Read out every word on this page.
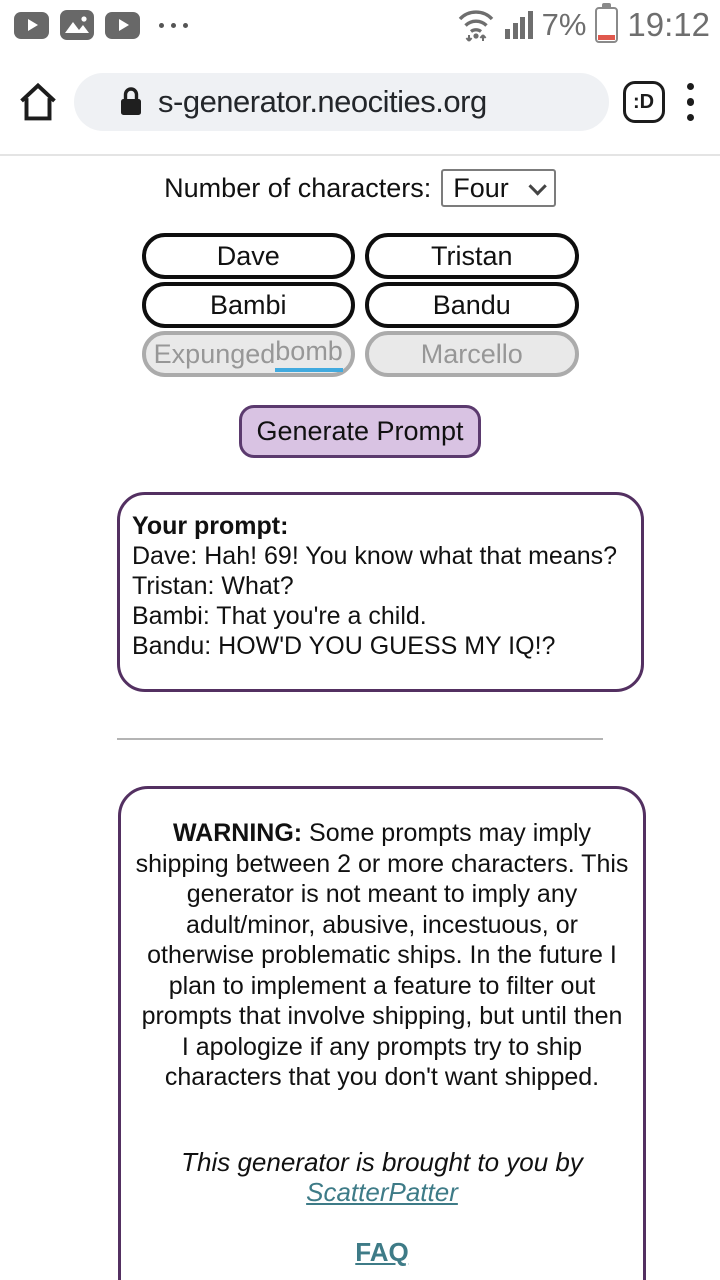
7% 19:12
s-generator.neocities.org	:D
Number of characters: Four
Dave	Tristan
Bambi	Bandu
Expunged bomb	Marcello
Generate Prompt
Your prompt:
Dave: Hah! 69! You know what that means?
Tristan: What?
Bambi: That you're a child.
Bandu: HOW'D YOU GUESS MY IQ!?
WARNING: Some prompts may imply shipping between 2 or more characters. This generator is not meant to imply any adult/minor, abusive, incestuous, or otherwise problematic ships. In the future I plan to implement a feature to filter out prompts that involve shipping, but until then I apologize if any prompts try to ship characters that you don't want shipped.
This generator is brought to you by
ScatterPatter
FAQ
